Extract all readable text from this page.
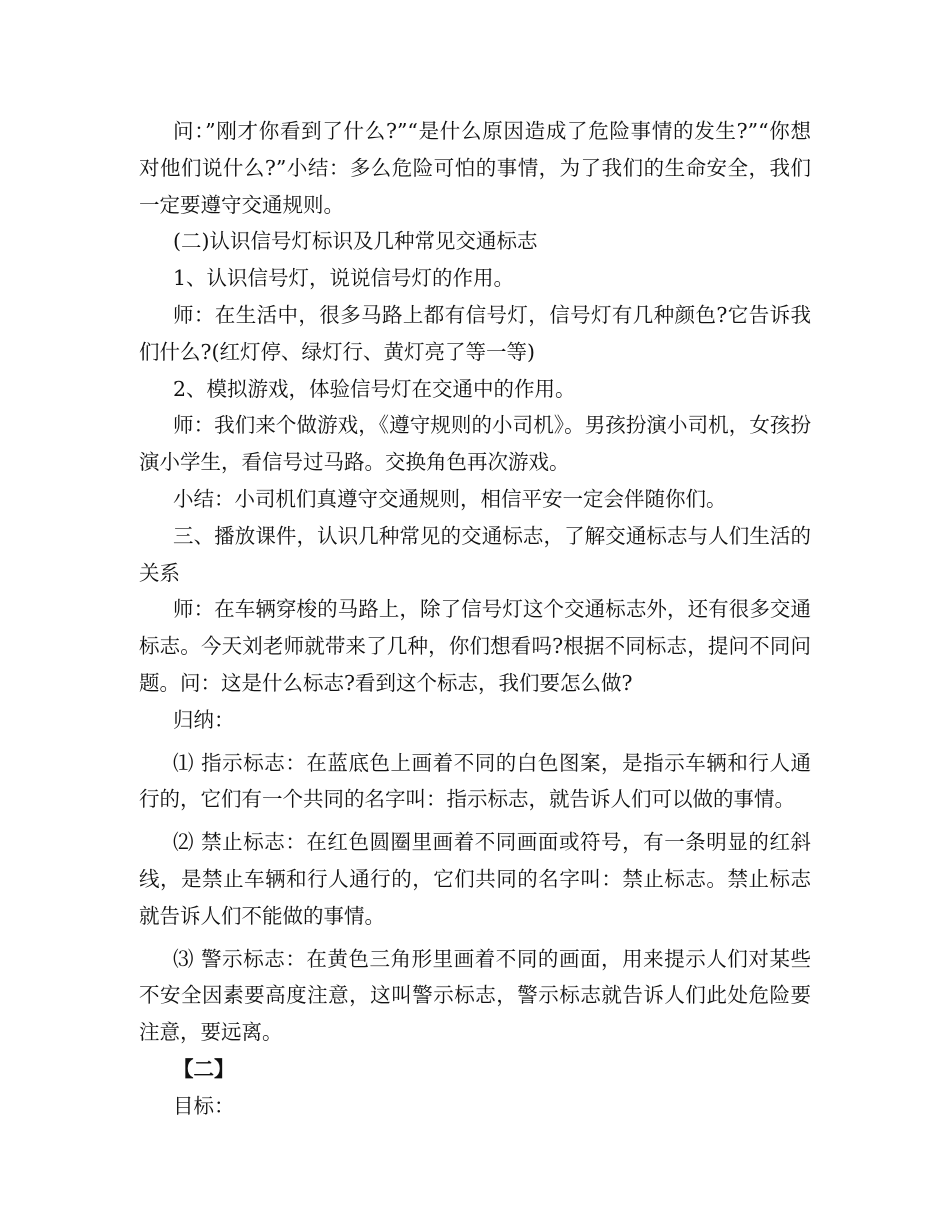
问：”刚才你看到了什么?”“是什么原因造成了危险事情的发生?”“你想对他们说什么?”小结：多么危险可怕的事情，为了我们的生命安全，我们一定要遵守交通规则。

(二)认识信号灯标识及几种常见交通标志

1、认识信号灯，说说信号灯的作用。

师：在生活中，很多马路上都有信号灯，信号灯有几种颜色?它告诉我们什么?(红灯停、绿灯行、黄灯亮了等一等)

2、模拟游戏，体验信号灯在交通中的作用。

师：我们来个做游戏，《遵守规则的小司机》。男孩扮演小司机，女孩扮演小学生，看信号过马路。交换角色再次游戏。

小结：小司机们真遵守交通规则，相信平安一定会伴随你们。

三、播放课件，认识几种常见的交通标志，了解交通标志与人们生活的关系

师：在车辆穿梭的马路上，除了信号灯这个交通标志外，还有很多交通标志。今天刘老师就带来了几种，你们想看吗?根据不同标志，提问不同问题。问：这是什么标志?看到这个标志，我们要怎么做?

归纳：

⑴ 指示标志：在蓝底色上画着不同的白色图案，是指示车辆和行人通行的，它们有一个共同的名字叫：指示标志，就告诉人们可以做的事情。

⑵ 禁止标志：在红色圆圈里画着不同画面或符号，有一条明显的红斜线，是禁止车辆和行人通行的，它们共同的名字叫：禁止标志。禁止标志就告诉人们不能做的事情。

⑶ 警示标志：在黄色三角形里画着不同的画面，用来提示人们对某些不安全因素要高度注意，这叫警示标志，警示标志就告诉人们此处危险要注意，要远离。

【二】

目标：
